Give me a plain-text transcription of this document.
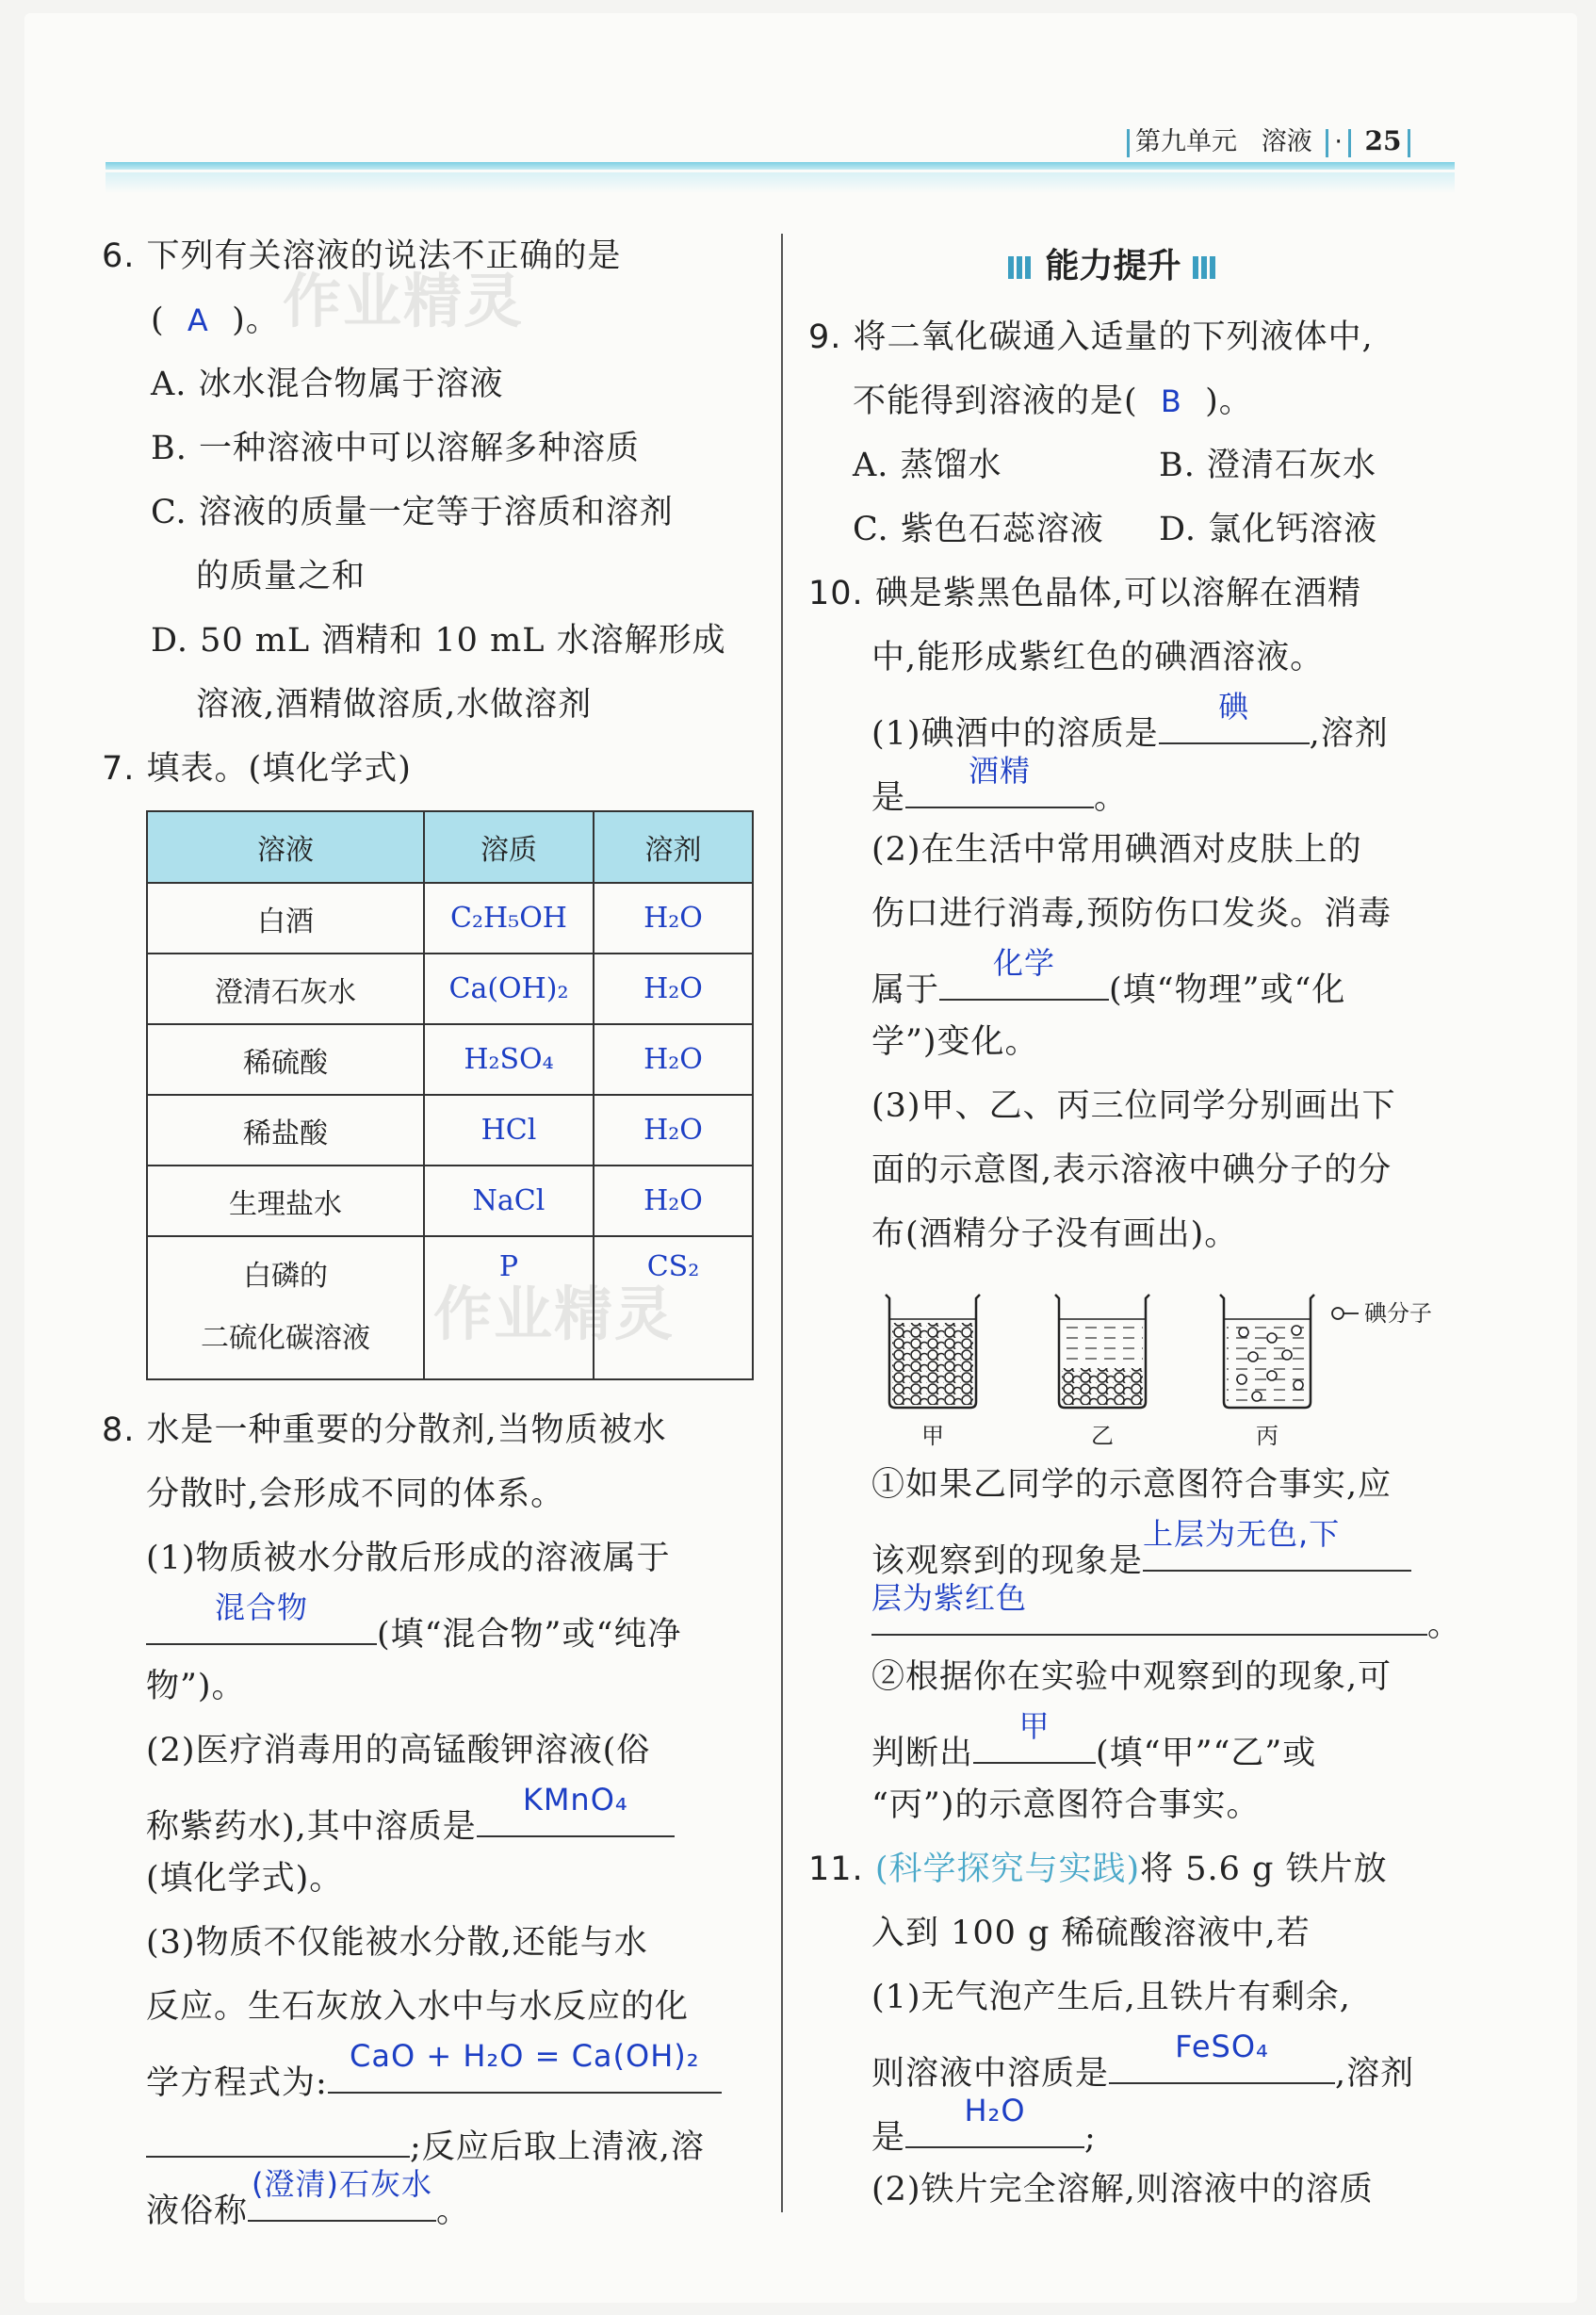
第九单元 溶液 · 25
作业精灵
作业精灵
6. 下列有关溶液的说法不正确的是
( A )。
A. 冰水混合物属于溶液
B. 一种溶液中可以溶解多种溶质
C. 溶液的质量一定等于溶质和溶剂
的质量之和
D. 50 mL 酒精和 10 mL 水溶解形成
溶液,酒精做溶质,水做溶剂
7. 填表。(填化学式)
溶液	溶质	溶剂
白酒	C₂H₅OH	H₂O
澄清石灰水	Ca(OH)₂	H₂O
稀硫酸	H₂SO₄	H₂O
稀盐酸	HCl	H₂O
生理盐水	NaCl	H₂O
白磷的
二硫化碳溶液	P	CS₂
8. 水是一种重要的分散剂,当物质被水
分散时,会形成不同的体系。
(1)物质被水分散后形成的溶液属于
混合物
(填“混合物”或“纯净
物”)。
(2)医疗消毒用的高锰酸钾溶液(俗
称紫药水),其中溶质是
KMnO₄
(填化学式)。
(3)物质不仅能被水分散,还能与水
反应。生石灰放入水中与水反应的化
学方程式为:
CaO + H₂O = Ca(OH)₂
;反应后取上清液,溶
液俗称
(澄清)石灰水
。
能力提升
9. 将二氧化碳通入适量的下列液体中,
不能得到溶液的是( B )。
A. 蒸馏水	B. 澄清石灰水
C. 紫色石蕊溶液 D. 氯化钙溶液
10. 碘是紫黑色晶体,可以溶解在酒精
中,能形成紫红色的碘酒溶液。
(1)碘酒中的溶质是
碘
,溶剂
是
酒精
。
(2)在生活中常用碘酒对皮肤上的
伤口进行消毒,预防伤口发炎。消毒
属于
化学
(填“物理”或“化
学”)变化。
(3)甲、乙、丙三位同学分别画出下
面的示意图,表示溶液中碘分子的分
布(酒精分子没有画出)。
碘分子
甲	乙	丙
①如果乙同学的示意图符合事实,应
该观察到的现象是
上层为无色,下
层为紫红色
。
②根据你在实验中观察到的现象,可
判断出
甲
(填“甲”“乙”或
“丙”)的示意图符合事实。
11. (科学探究与实践)将 5.6 g 铁片放
入到 100 g 稀硫酸溶液中,若
(1)无气泡产生后,且铁片有剩余,
则溶液中溶质是
FeSO₄
,溶剂
是
H₂O
;
(2)铁片完全溶解,则溶液中的溶质
